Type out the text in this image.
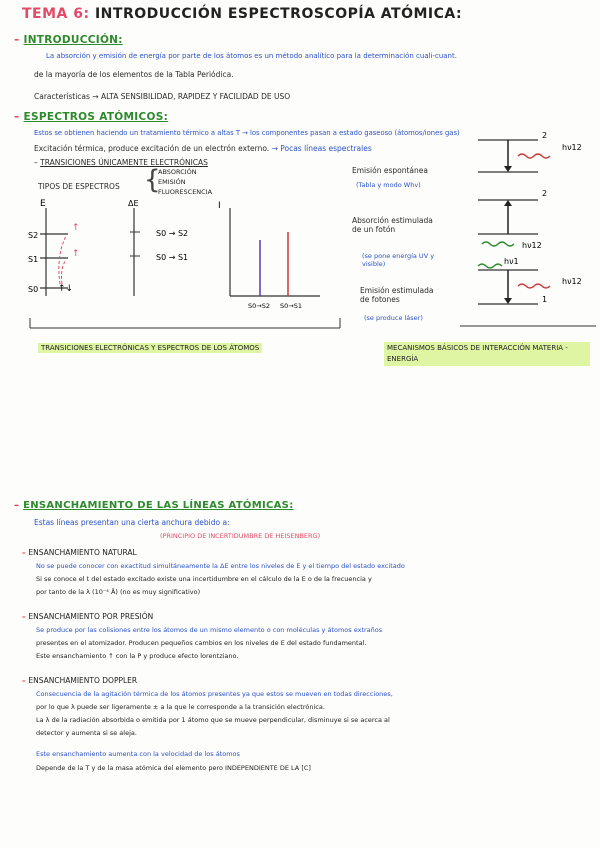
TEMA 6: INTRODUCCIÓN ESPECTROSCOPÍA ATÓMICA:
– INTRODUCCIÓN:
La absorción y emisión de energía por parte de los átomos es un método analítico para la determinación cuali-cuant.
de la mayoría de los elementos de la Tabla Periódica.
Características → ALTA SENSIBILIDAD, RAPIDEZ Y FACILIDAD DE USO
– ESPECTROS ATÓMICOS:
Estos se obtienen haciendo un tratamiento térmico a altas T → los componentes pasan a estado gaseoso (átomos/iones gas)
Excitación térmica, produce excitación de un electrón externo. → Pocas líneas espectrales
– TRANSICIONES ÚNICAMENTE ELECTRÓNICAS
TIPOS DE ESPECTROS {
ABSORCIÓN
EMISIÓN
FLUORESCENCIA
E
S2
S1
S0
↑
↑
↑↓
ΔE
S0 → S2
S0 → S1
I
S0→S2 S0→S1
TRANSICIONES ELECTRÓNICAS Y ESPECTROS DE LOS ÁTOMOS
Emisión espontánea
(Tabla y modo Whv)
Absorción estimulada de un fotón
(se pone energía UV y visible)
Emisión estimulada de fotones
(se produce láser)
2
hν12
2
hν12
1
hν1
hν12
MECANISMOS BÁSICOS DE INTERACCIÓN MATERIA - ENERGÍA
– ENSANCHAMIENTO DE LAS LÍNEAS ATÓMICAS:
Estas líneas presentan una cierta anchura debido a:
(PRINCIPIO DE INCERTIDUMBRE DE HEISENBERG)
– ENSANCHAMIENTO NATURAL
No se puede conocer con exactitud simultáneamente la ΔE entre los niveles de E y el tiempo del estado excitado
Si se conoce el t del estado excitado existe una incertidumbre en el cálculo de la E o de la frecuencia y
por tanto de la λ (10⁻⁴ Å) (no es muy significativo)
– ENSANCHAMIENTO POR PRESIÓN
Se produce por las colisiones entre los átomos de un mismo elemento o con moléculas y átomos extraños
presentes en el atomizador. Producen pequeños cambios en los niveles de E del estado fundamental.
Este ensanchamiento ↑ con la P y produce efecto lorentziano.
– ENSANCHAMIENTO DOPPLER
Consecuencia de la agitación térmica de los átomos presentes ya que estos se mueven en todas direcciones,
por lo que λ puede ser ligeramente ± a la que le corresponde a la transición electrónica.
La λ de la radiación absorbida o emitida por 1 átomo que se mueve perpendicular, disminuye si se acerca al
detector y aumenta si se aleja.
Este ensanchamiento aumenta con la velocidad de los átomos
Depende de la T y de la masa atómica del elemento pero INDEPENDIENTE DE LA [C]
